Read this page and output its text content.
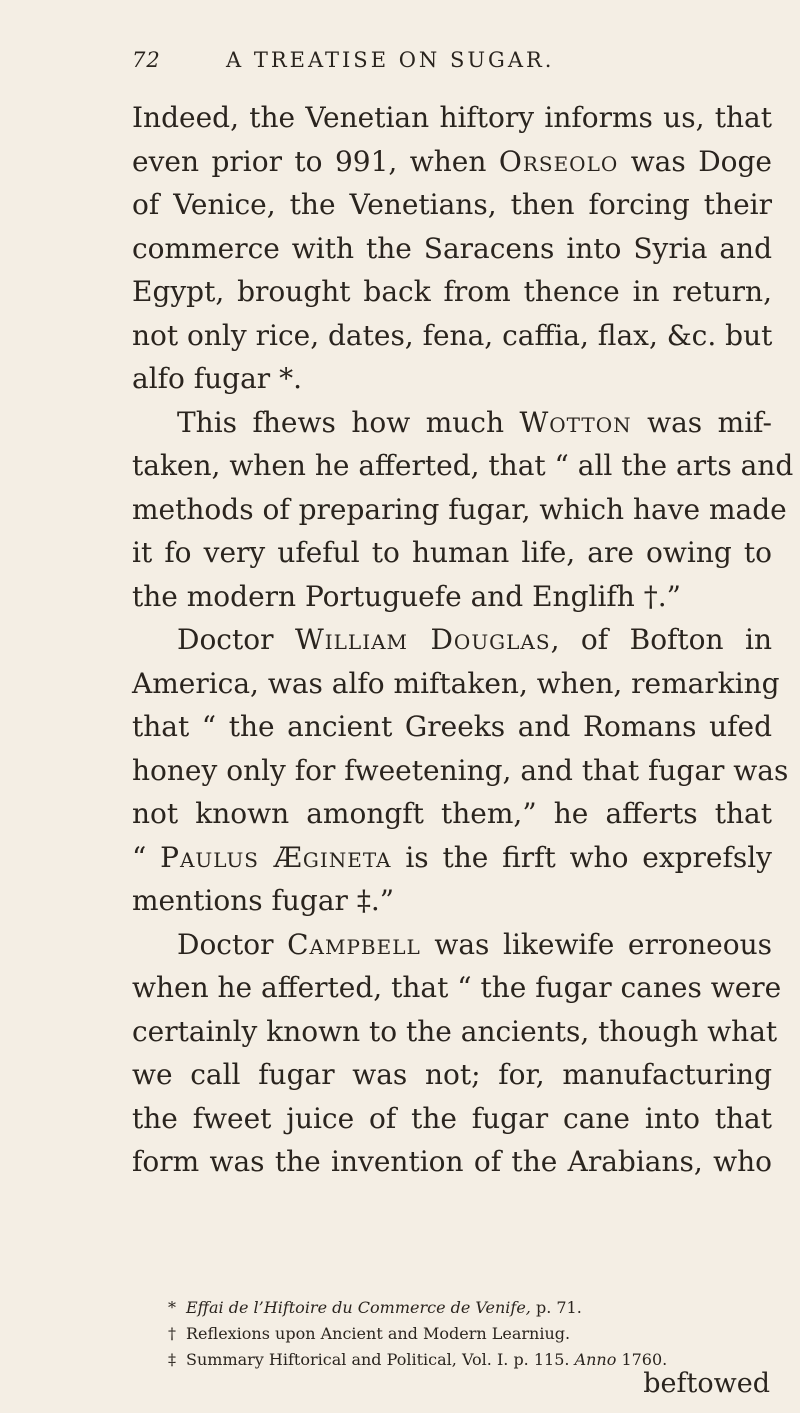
72	A TREATISE ON SUGAR.
Indeed, the Venetian hiftory informs us, that
even prior to 991, when Orseolo was Doge
of Venice, the Venetians, then forcing their
commerce with the Saracens into Syria and
Egypt, brought back from thence in return,
not only rice, dates, fena, caffia, flax, &c. but
alfo fugar *.
This fhews how much Wotton was mif-
taken, when he afferted, that “ all the arts and
methods of preparing fugar, which have made
it fo very ufeful to human life, are owing to
the modern Portuguefe and Englifh †.”
Doctor William Douglas, of Bofton in
America, was alfo miftaken, when, remarking
that “ the ancient Greeks and Romans ufed
honey only for fweetening, and that fugar was
not known amongft them,” he afferts that
“ Paulus Ægineta is the firft who exprefsly
mentions fugar ‡.”
Doctor Campbell was likewife erroneous
when he afferted, that “ the fugar canes were
certainly known to the ancients, though what
we call fugar was not; for, manufacturing
the fweet juice of the fugar cane into that
form was the invention of the Arabians, who
* Effai de l’Hiftoire du Commerce de Venife, p. 71.
† Reflexions upon Ancient and Modern Learniug.
‡ Summary Hiftorical and Political, Vol. I. p. 115. Anno 1760.
beftowed
